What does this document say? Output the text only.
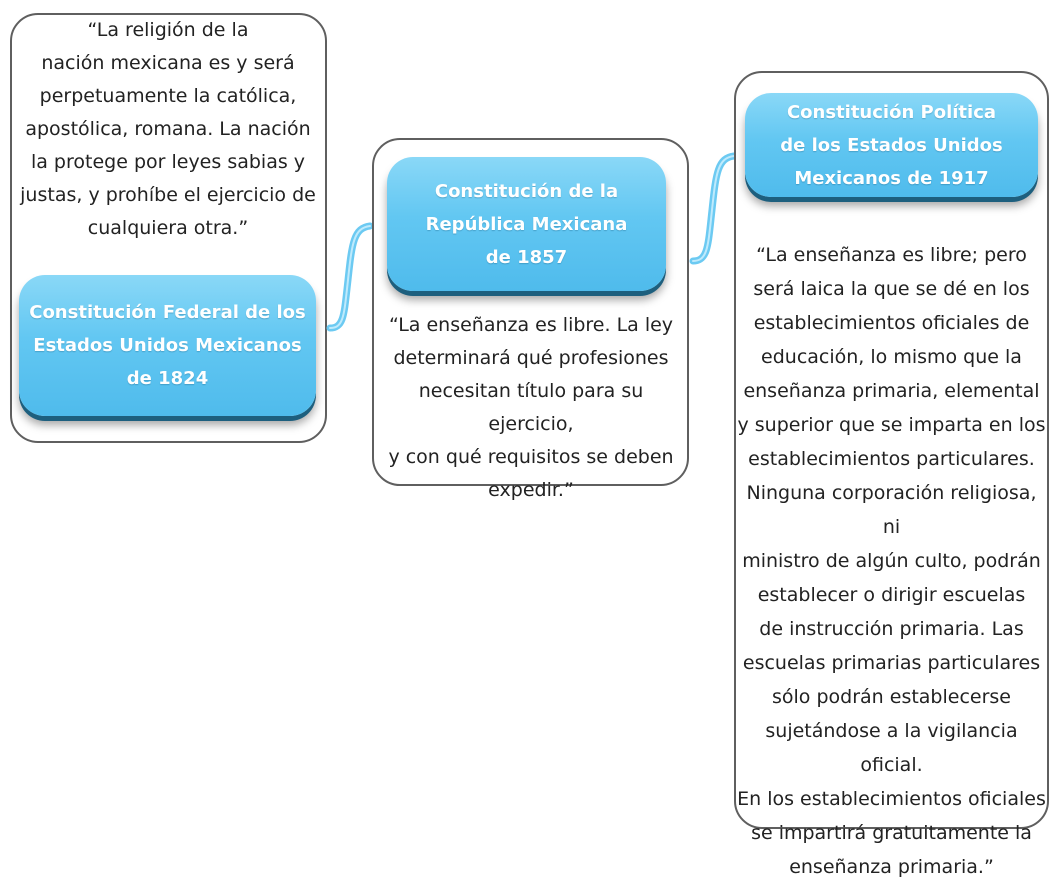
“La religión de la
nación mexicana es y será
perpetuamente la católica,
apostólica, romana. La nación
la protege por leyes sabias y
justas, y prohíbe el ejercicio de
cualquiera otra.”

Constitución Federal de los
Estados Unidos Mexicanos
de 1824
Constitución de la
República Mexicana
de 1857

“La enseñanza es libre. La ley
determinará qué profesiones
necesitan título para su ejercicio,
y con qué requisitos se deben
expedir.”

Constitución Política
de los Estados Unidos
Mexicanos de 1917

“La enseñanza es libre; pero
será laica la que se dé en los
establecimientos oficiales de
educación, lo mismo que la
enseñanza primaria, elemental
y superior que se imparta en los
establecimientos particulares.
Ninguna corporación religiosa, ni
ministro de algún culto, podrán
establecer o dirigir escuelas
de instrucción primaria. Las
escuelas primarias particulares
sólo podrán establecerse
sujetándose a la vigilancia oficial.
En los establecimientos oficiales
se impartirá gratuitamente la
enseñanza primaria.”
